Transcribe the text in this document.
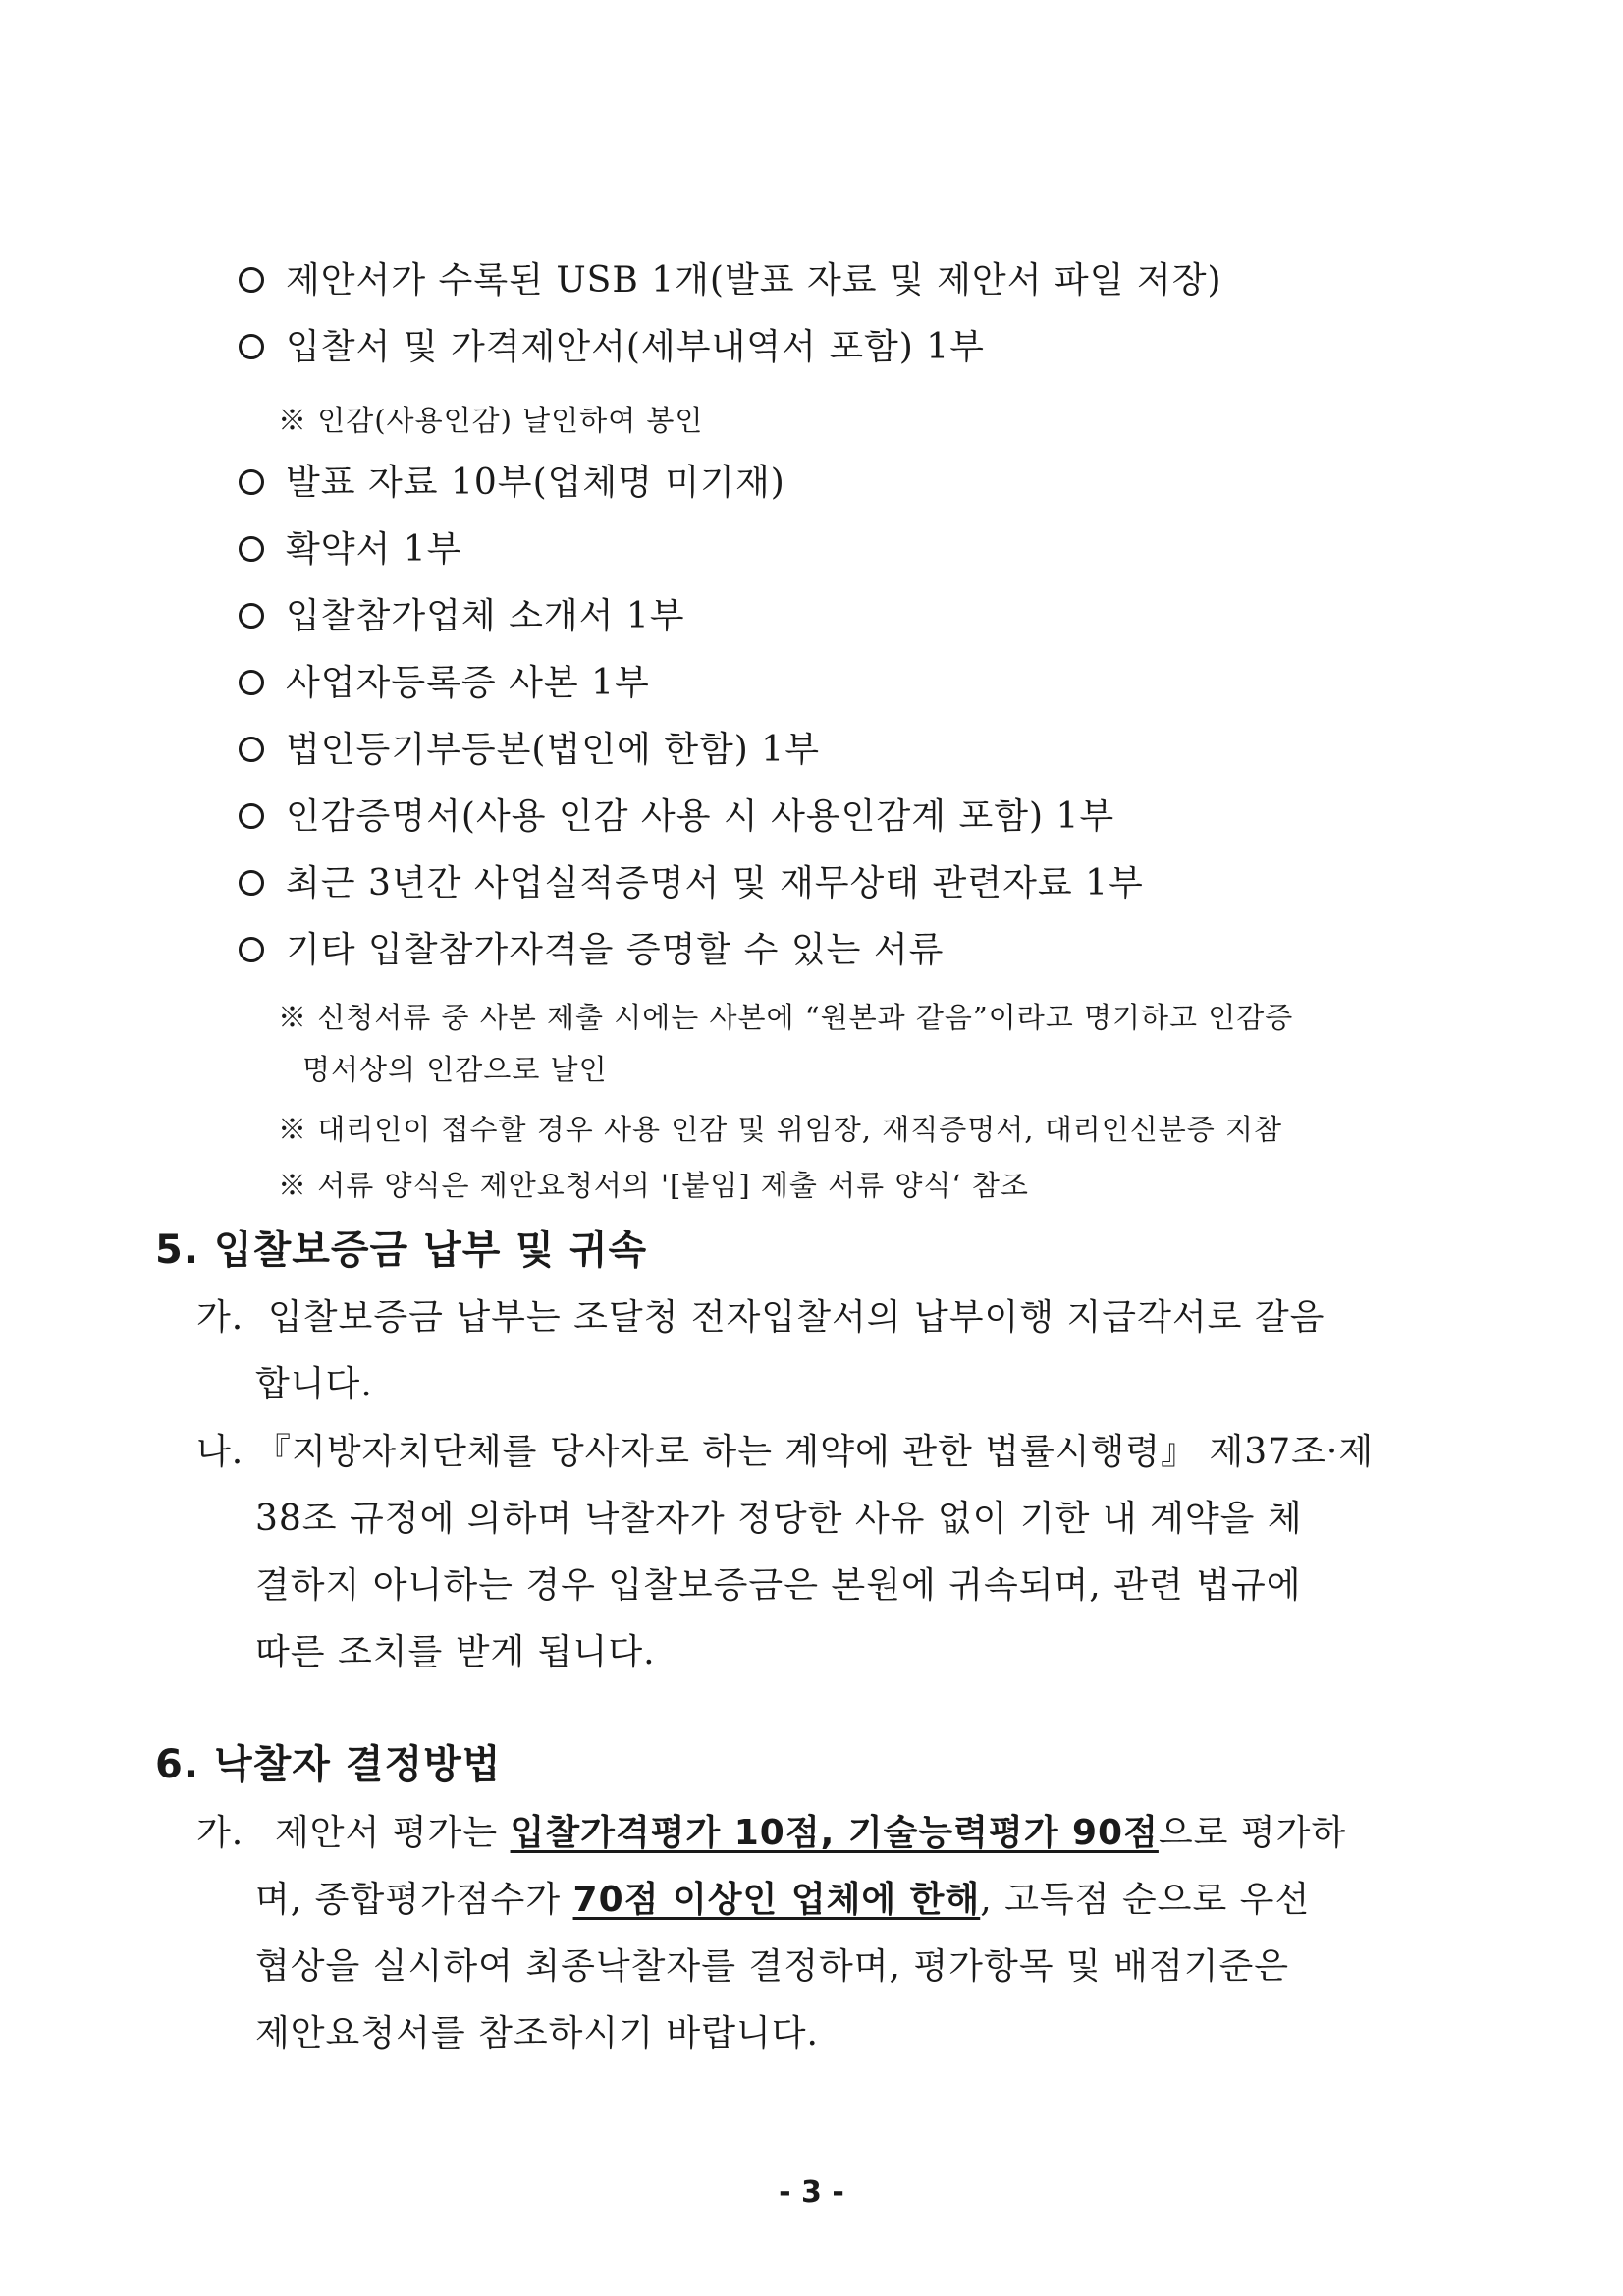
제안서가 수록된 USB 1개(발표 자료 및 제안서 파일 저장)
입찰서 및 가격제안서(세부내역서 포함) 1부
※ 인감(사용인감) 날인하여 봉인
발표 자료 10부(업체명 미기재)
확약서 1부
입찰참가업체 소개서 1부
사업자등록증 사본 1부
법인등기부등본(법인에 한함) 1부
인감증명서(사용 인감 사용 시 사용인감계 포함) 1부
최근 3년간 사업실적증명서 및 재무상태 관련자료 1부
기타 입찰참가자격을 증명할 수 있는 서류
※ 신청서류 중 사본 제출 시에는 사본에 “원본과 같음”이라고 명기하고 인감증
명서상의 인감으로 날인
※ 대리인이 접수할 경우 사용 인감 및 위임장, 재직증명서, 대리인신분증 지참
※ 서류 양식은 제안요청서의 '[붙임] 제출 서류 양식‘ 참조
5. 입찰보증금 납부 및 귀속
가. 입찰보증금 납부는 조달청 전자입찰서의 납부이행 지급각서로 갈음
합니다.
나. 『지방자치단체를 당사자로 하는 계약에 관한 법률시행령』 제37조·제
38조 규정에 의하며 낙찰자가 정당한 사유 없이 기한 내 계약을 체
결하지 아니하는 경우 입찰보증금은 본원에 귀속되며, 관련 법규에
따른 조치를 받게 됩니다.
6. 낙찰자 결정방법
가. 제안서 평가는 입찰가격평가 10점, 기술능력평가 90점으로 평가하
며, 종합평가점수가 70점 이상인 업체에 한해, 고득점 순으로 우선
협상을 실시하여 최종낙찰자를 결정하며, 평가항목 및 배점기준은
제안요청서를 참조하시기 바랍니다.
- 3 -
